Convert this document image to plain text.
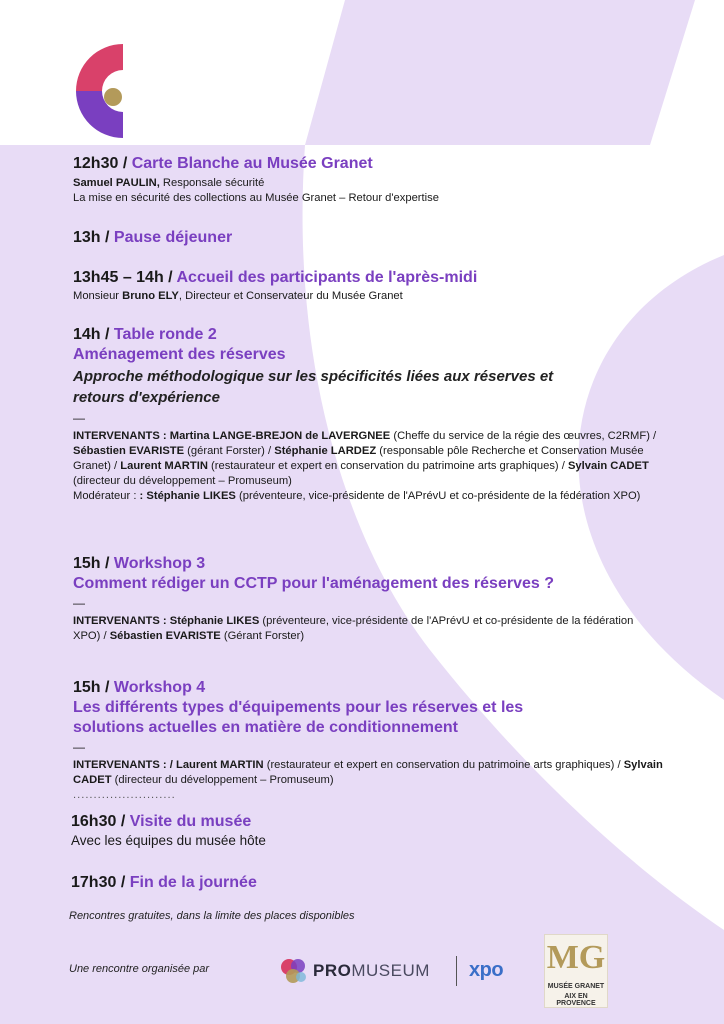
12h30 / Carte Blanche au Musée Granet
Samuel PAULIN, Responsale sécurité
La mise en sécurité des collections au Musée Granet – Retour d'expertise
13h / Pause déjeuner
13h45 – 14h / Accueil des participants de l'après-midi
Monsieur Bruno ELY, Directeur et Conservateur du Musée Granet
14h / Table ronde 2
Aménagement des réserves
Approche méthodologique sur les spécificités liées aux réserves et
retours d'expérience
—
INTERVENANTS : Martina LANGE-BREJON de LAVERGNEE (Cheffe du service de la régie des œuvres, C2RMF) / Sébastien EVARISTE (gérant Forster) / Stéphanie LARDEZ (responsable pôle Recherche et Conservation Musée Granet) / Laurent MARTIN (restaurateur et expert en conservation du patrimoine arts graphiques) / Sylvain CADET (directeur du développement – Promuseum)
Modérateur : : Stéphanie LIKES (préventeure, vice-présidente de l'APrévU et co-présidente de la fédération XPO)
15h / Workshop 3
Comment rédiger un CCTP pour l'aménagement des réserves ?
—
INTERVENANTS : Stéphanie LIKES (préventeure, vice-présidente de l'APrévU et co-présidente de la fédération XPO) / Sébastien EVARISTE (Gérant Forster)
15h / Workshop 4
Les différents types d'équipements pour les réserves et les
solutions actuelles en matière de conditionnement
—
INTERVENANTS : / Laurent MARTIN (restaurateur et expert en conservation du patrimoine arts graphiques) / Sylvain CADET (directeur du développement – Promuseum)
.........................
16h30 / Visite du musée
Avec les équipes du musée hôte
17h30 / Fin de la journée
Rencontres gratuites, dans la limite des places disponibles
Une rencontre organisée par	PROMUSEUM xpo MG
MUSÉE GRANET
AIX EN PROVENCE
